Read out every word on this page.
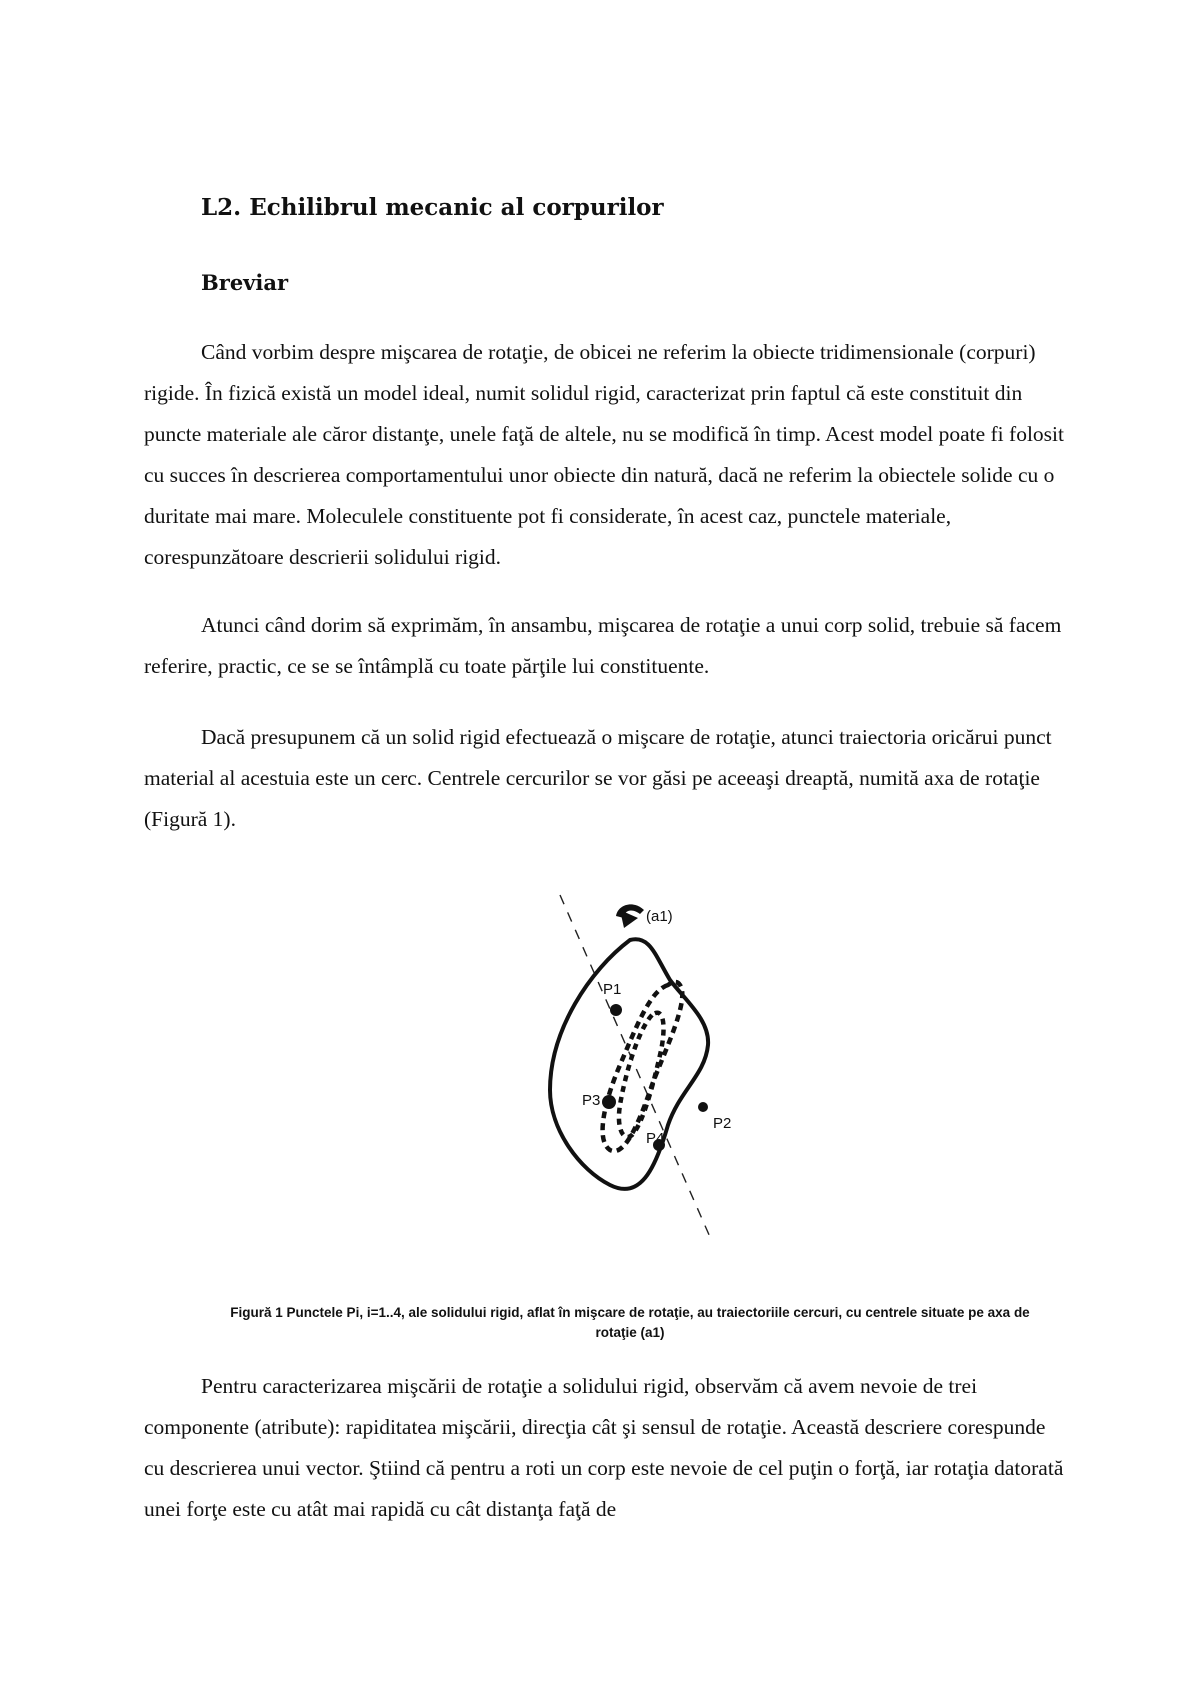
L2. Echilibrul mecanic al corpurilor
Breviar

Când vorbim despre mişcarea de rotaţie, de obicei ne referim la obiecte tridimensionale (corpuri) rigide. În fizică există un model ideal, numit solidul rigid, caracterizat prin faptul că este constituit din puncte materiale ale căror distanţe, unele faţă de altele, nu se modifică în timp. Acest model poate fi folosit cu succes în descrierea comportamentului unor obiecte din natură, dacă ne referim la obiectele solide cu o duritate mai mare. Moleculele constituente pot fi considerate, în acest caz, punctele materiale, corespunzătoare descrierii solidului rigid.

Atunci când dorim să exprimăm, în ansambu, mişcarea de rotaţie a unui corp solid, trebuie să facem referire, practic, ce se se întâmplă cu toate părţile lui constituente.

Dacă presupunem că un solid rigid efectuează o mişcare de rotaţie, atunci traiectoria oricărui punct material al acestuia este un cerc. Centrele cercurilor se vor găsi pe aceeaşi dreaptă, numită axa de rotaţie (Figură 1).

(a1)
P1
P2
P3
P4

Figură 1 Punctele Pi, i=1..4, ale solidului rigid, aflat în mişcare de rotaţie, au traiectoriile cercuri, cu centrele situate pe axa de rotaţie (a1)

Pentru caracterizarea mişcării de rotaţie a solidului rigid, observăm că avem nevoie de trei componente (atribute): rapiditatea mişcării, direcţia cât şi sensul de rotaţie. Această descriere corespunde cu descrierea unui vector. Ştiind că pentru a roti un corp este nevoie de cel puţin o forţă, iar rotaţia datorată unei forţe este cu atât mai rapidă cu cât distanţa faţă de
